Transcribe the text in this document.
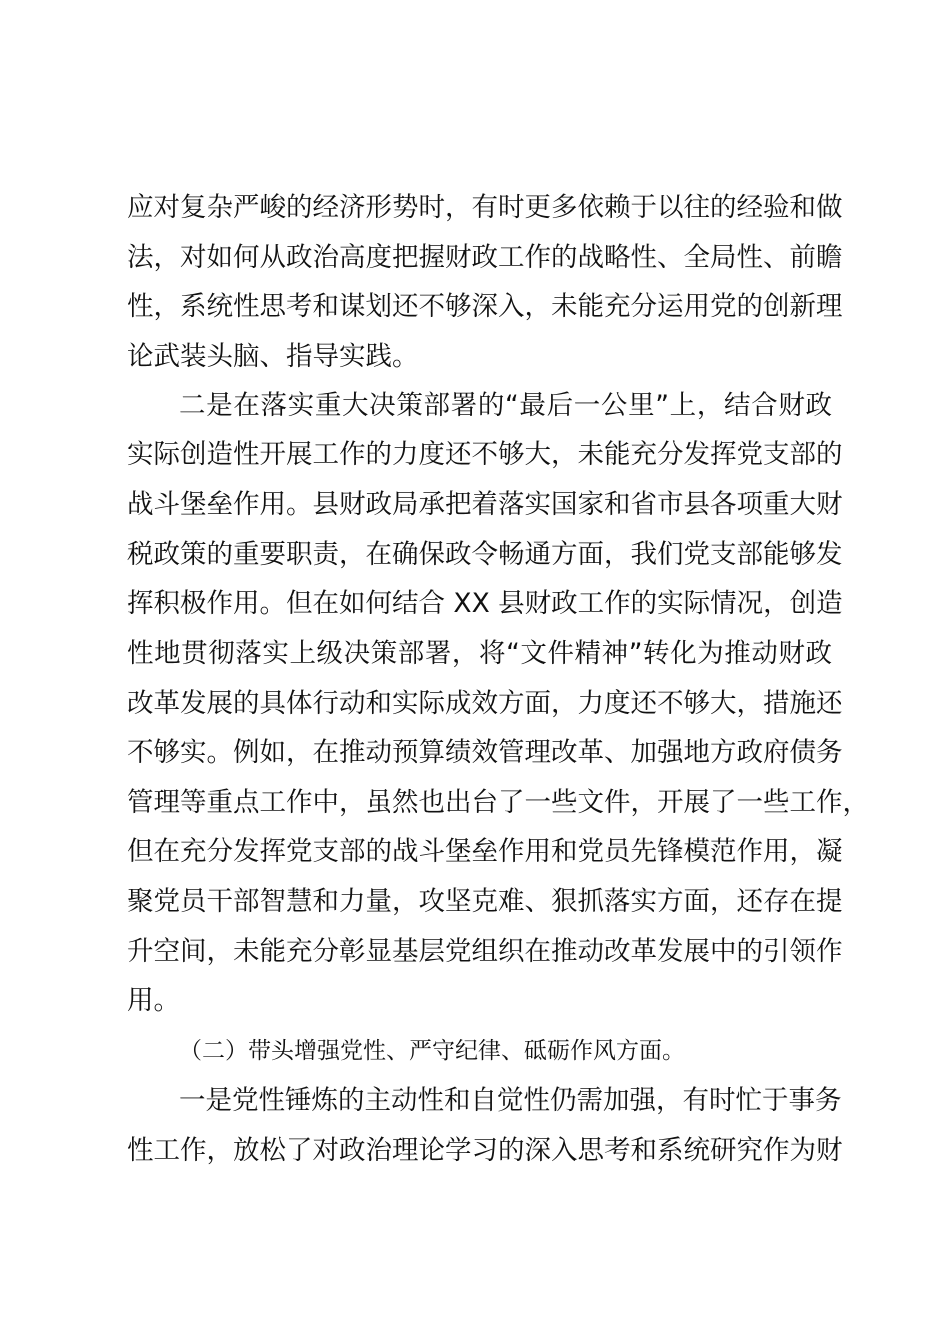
应对复杂严峻的经济形势时，有时更多依赖于以往的经验和做
法，对如何从政治高度把握财政工作的战略性、全局性、前瞻
性，系统性思考和谋划还不够深入，未能充分运用党的创新理
论武装头脑、指导实践。
二是在落实重大决策部署的“最后一公里”上，结合财政
实际创造性开展工作的力度还不够大，未能充分发挥党支部的
战斗堡垒作用。县财政局承把着落实国家和省市县各项重大财
税政策的重要职责，在确保政令畅通方面，我们党支部能够发
挥积极作用。但在如何结合 XX 县财政工作的实际情况，创造
性地贯彻落实上级决策部署，将“文件精神”转化为推动财政
改革发展的具体行动和实际成效方面，力度还不够大，措施还
不够实。例如，在推动预算绩效管理改革、加强地方政府债务
管理等重点工作中，虽然也出台了一些文件，开展了一些工作，
但在充分发挥党支部的战斗堡垒作用和党员先锋模范作用，凝
聚党员干部智慧和力量，攻坚克难、狠抓落实方面，还存在提
升空间，未能充分彰显基层党组织在推动改革发展中的引领作
用。
（二）带头增强党性、严守纪律、砥砺作风方面。
一是党性锤炼的主动性和自觉性仍需加强，有时忙于事务
性工作，放松了对政治理论学习的深入思考和系统研究作为财
